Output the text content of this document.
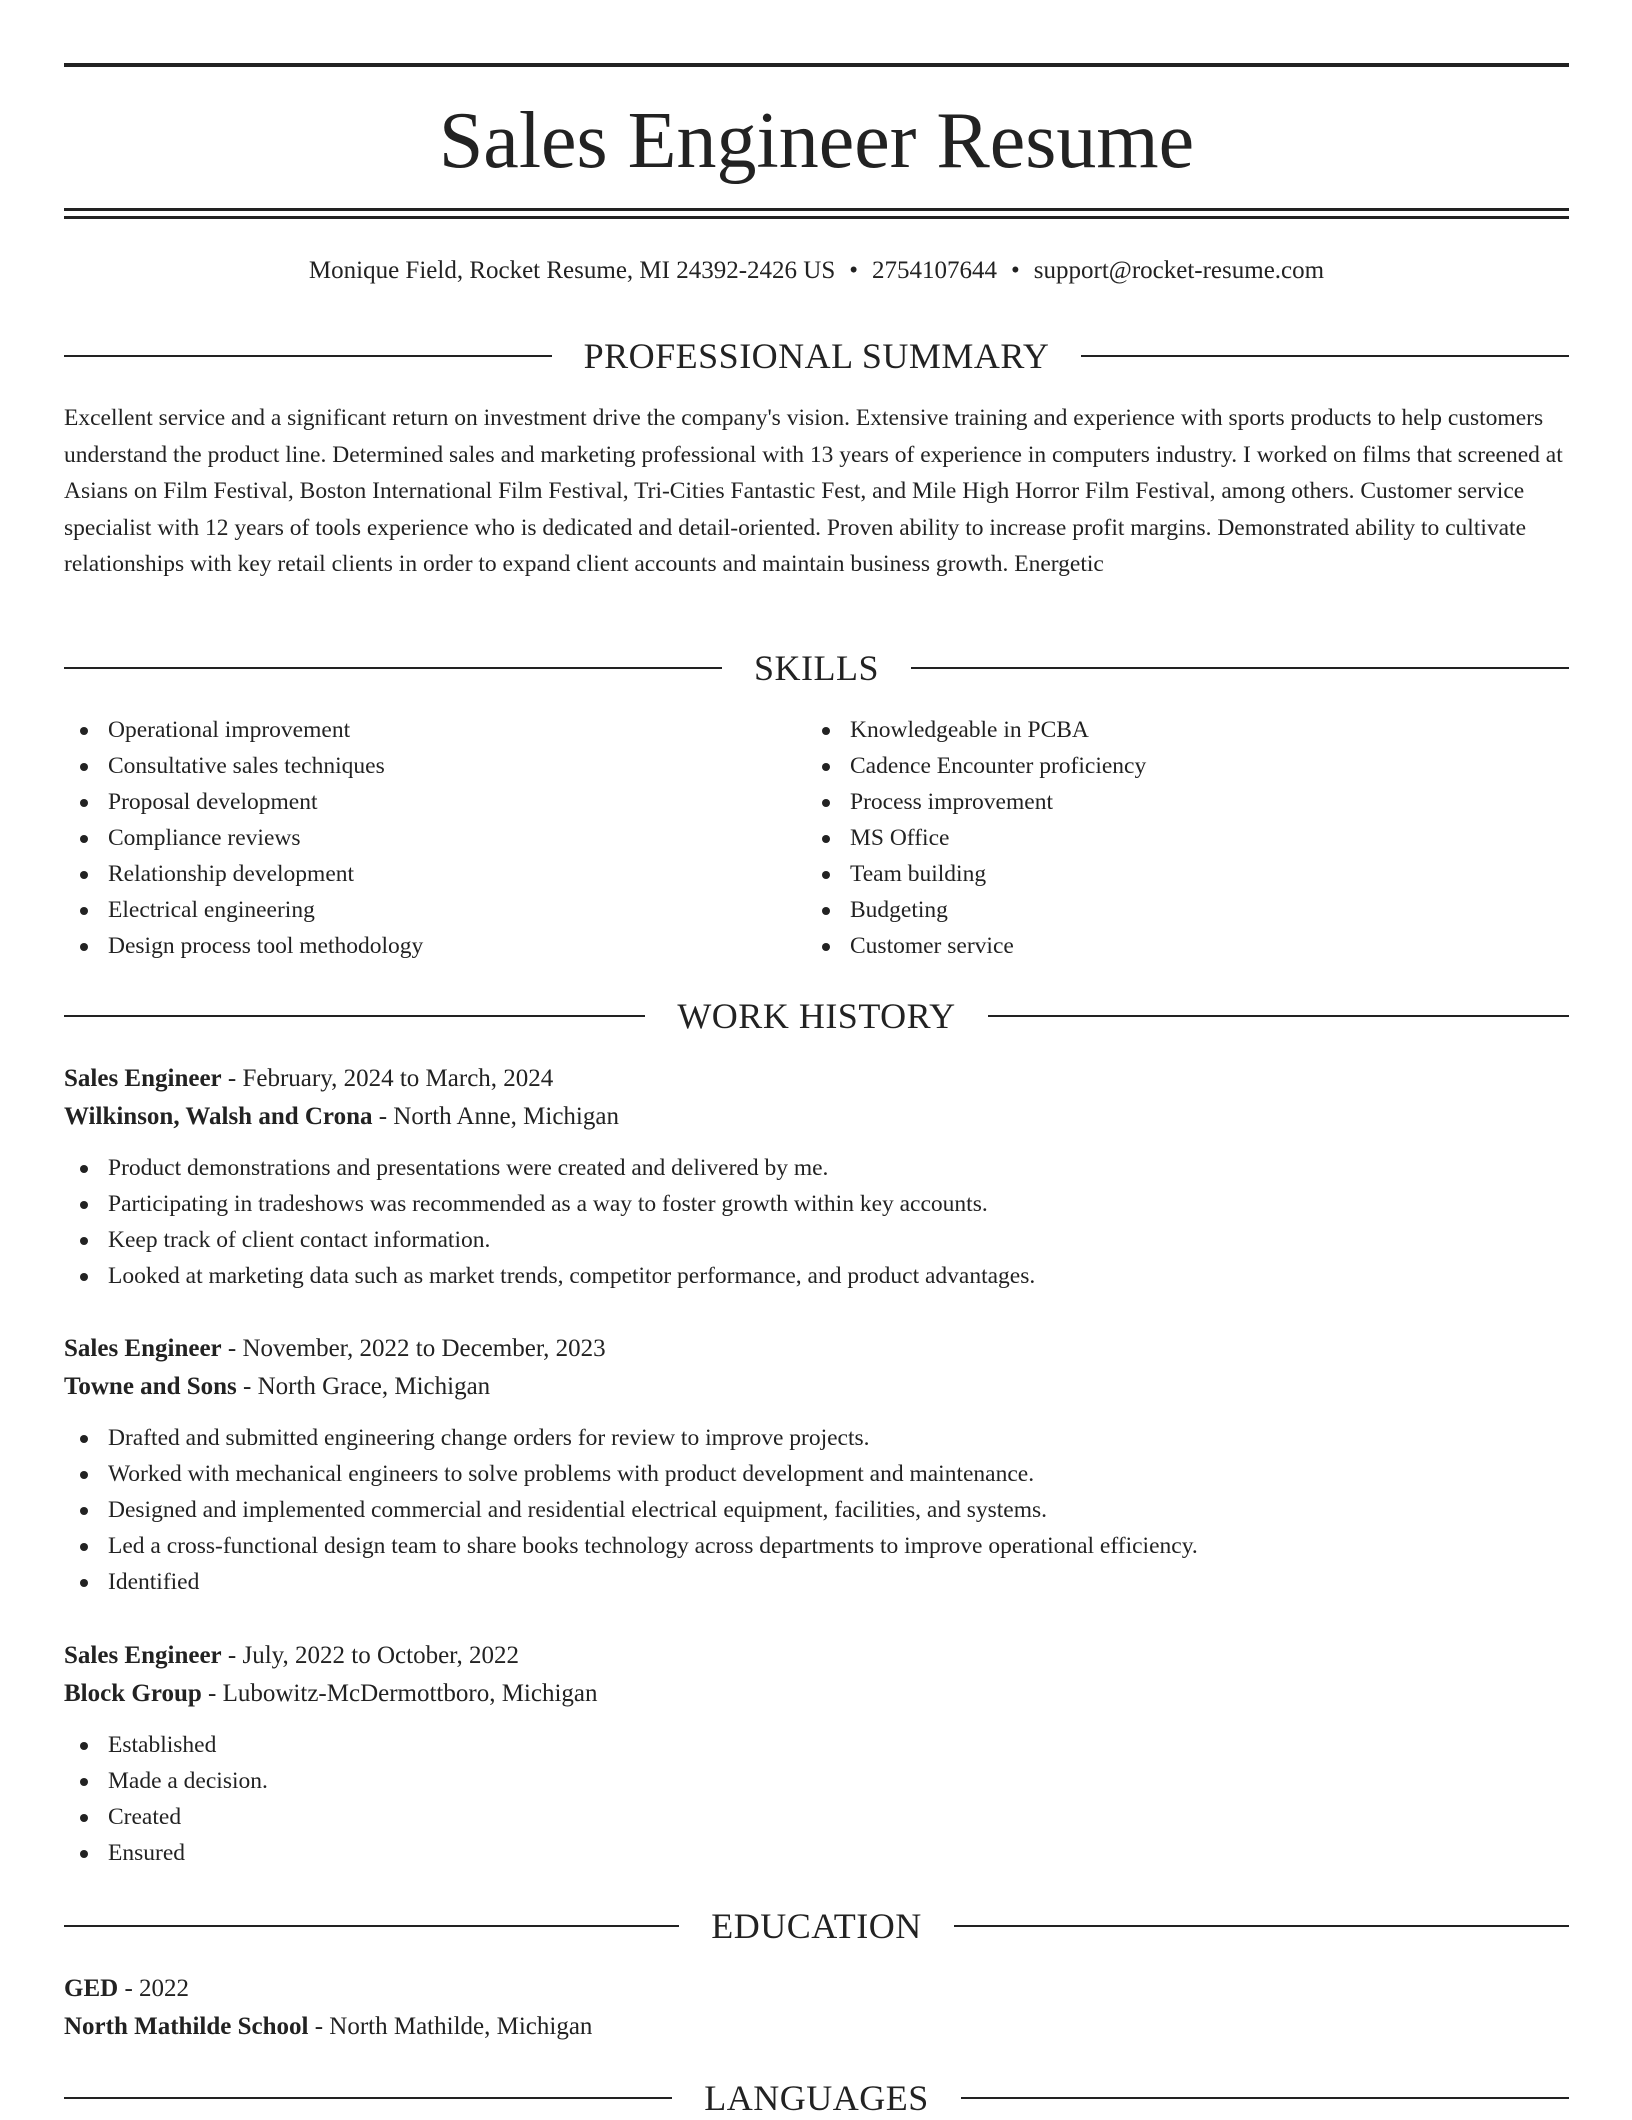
Sales Engineer Resume
Monique Field, Rocket Resume, MI 24392-2426 US • 2754107644 • support@rocket-resume.com
PROFESSIONAL SUMMARY

Excellent service and a significant return on investment drive the company's vision. Extensive training and experience with sports products to help customers understand the product line. Determined sales and marketing professional with 13 years of experience in computers industry. I worked on films that screened at Asians on Film Festival, Boston International Film Festival, Tri-Cities Fantastic Fest, and Mile High Horror Film Festival, among others. Customer service specialist with 12 years of tools experience who is dedicated and detail-oriented. Proven ability to increase profit margins. Demonstrated ability to cultivate relationships with key retail clients in order to expand client accounts and maintain business growth. Energetic

SKILLS
Operational improvement
Consultative sales techniques
Proposal development
Compliance reviews
Relationship development
Electrical engineering
Design process tool methodology
Knowledgeable in PCBA
Cadence Encounter proficiency
Process improvement
MS Office
Team building
Budgeting
Customer service
WORK HISTORY
Sales Engineer - February, 2024 to March, 2024
Wilkinson, Walsh and Crona - North Anne, Michigan
Product demonstrations and presentations were created and delivered by me.
Participating in tradeshows was recommended as a way to foster growth within key accounts.
Keep track of client contact information.
Looked at marketing data such as market trends, competitor performance, and product advantages.
Sales Engineer - November, 2022 to December, 2023
Towne and Sons - North Grace, Michigan
Drafted and submitted engineering change orders for review to improve projects.
Worked with mechanical engineers to solve problems with product development and maintenance.
Designed and implemented commercial and residential electrical equipment, facilities, and systems.
Led a cross-functional design team to share books technology across departments to improve operational efficiency.
Identified
Sales Engineer - July, 2022 to October, 2022
Block Group - Lubowitz-McDermottboro, Michigan
Established
Made a decision.
Created
Ensured
EDUCATION
GED - 2022
North Mathilde School - North Mathilde, Michigan
LANGUAGES
